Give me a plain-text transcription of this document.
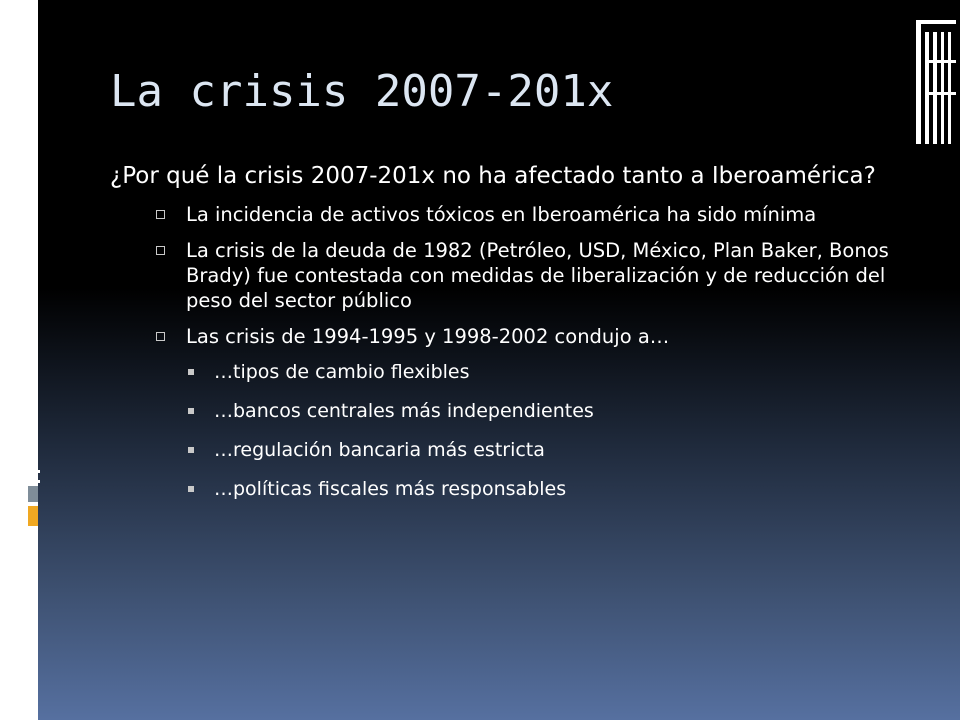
La crisis 2007-201x

¿Por qué la crisis 2007-201x no ha afectado tanto a Iberoamérica?

La incidencia de activos tóxicos en Iberoamérica ha sido mínima
La crisis de la deuda de 1982 (Petróleo, USD, México, Plan Baker, Bonos Brady) fue contestada con medidas de liberalización y de reducción del peso del sector público
Las crisis de 1994-1995 y 1998-2002 condujo a…
…tipos de cambio flexibles
…bancos centrales más independientes
…regulación bancaria más estricta
…políticas fiscales más responsables
